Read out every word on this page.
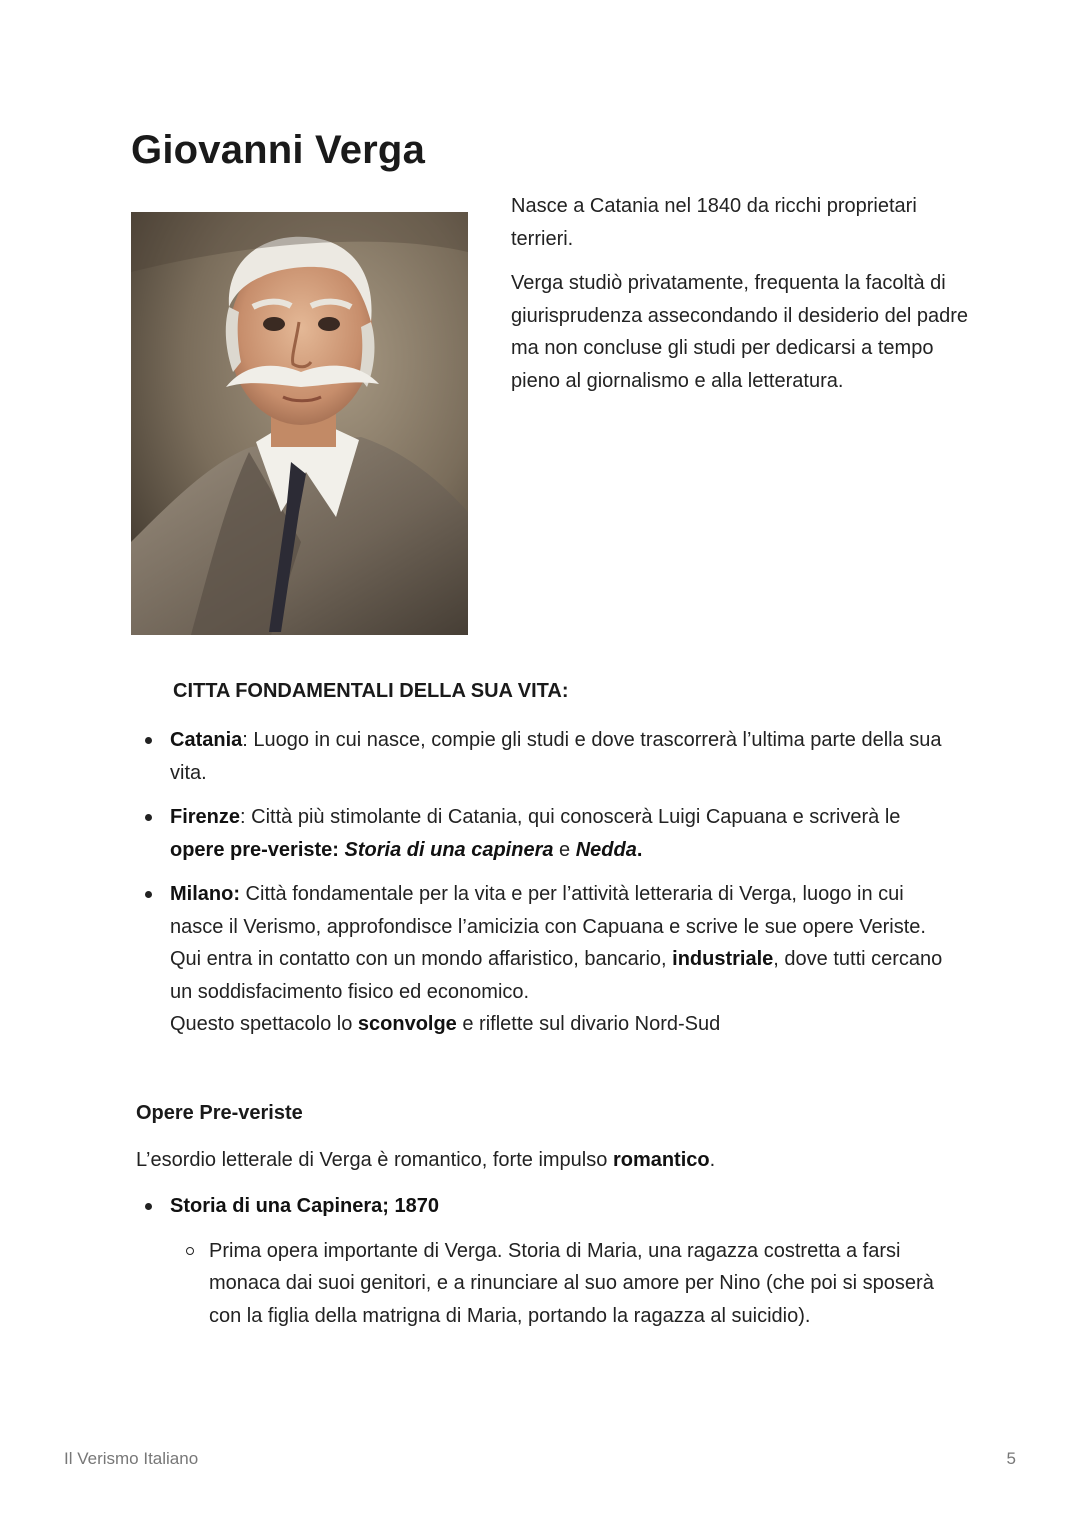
Giovanni Verga

Nasce a Catania nel 1840 da ricchi proprietari terrieri.

Verga studiò privatamente, frequenta la facoltà di giurisprudenza assecondando il desiderio del padre ma non concluse gli studi per dedicarsi a tempo pieno al giornalismo e alla letteratura.

CITTA FONDAMENTALI DELLA SUA VITA:
Catania: Luogo in cui nasce, compie gli studi e dove trascorrerà l’ultima parte della sua vita.
Firenze: Città più stimolante di Catania, qui conoscerà Luigi Capuana e scriverà le opere pre-veriste: Storia di una capinera e Nedda.
Milano: Città fondamentale per la vita e per l’attività letteraria di Verga, luogo in cui nasce il Verismo, approfondisce l’amicizia con Capuana e scrive le sue opere Veriste. Qui entra in contatto con un mondo affaristico, bancario, industriale, dove tutti cercano un soddisfacimento fisico ed economico.
Questo spettacolo lo sconvolge e riflette sul divario Nord-Sud
Opere Pre-veriste

L’esordio letterale di Verga è romantico, forte impulso romantico.

Storia di una Capinera; 1870
Prima opera importante di Verga. Storia di Maria, una ragazza costretta a farsi monaca dai suoi genitori, e a rinunciare al suo amore per Nino (che poi si sposerà con la figlia della matrigna di Maria, portando la ragazza al suicidio).
Il Verismo Italiano	5
